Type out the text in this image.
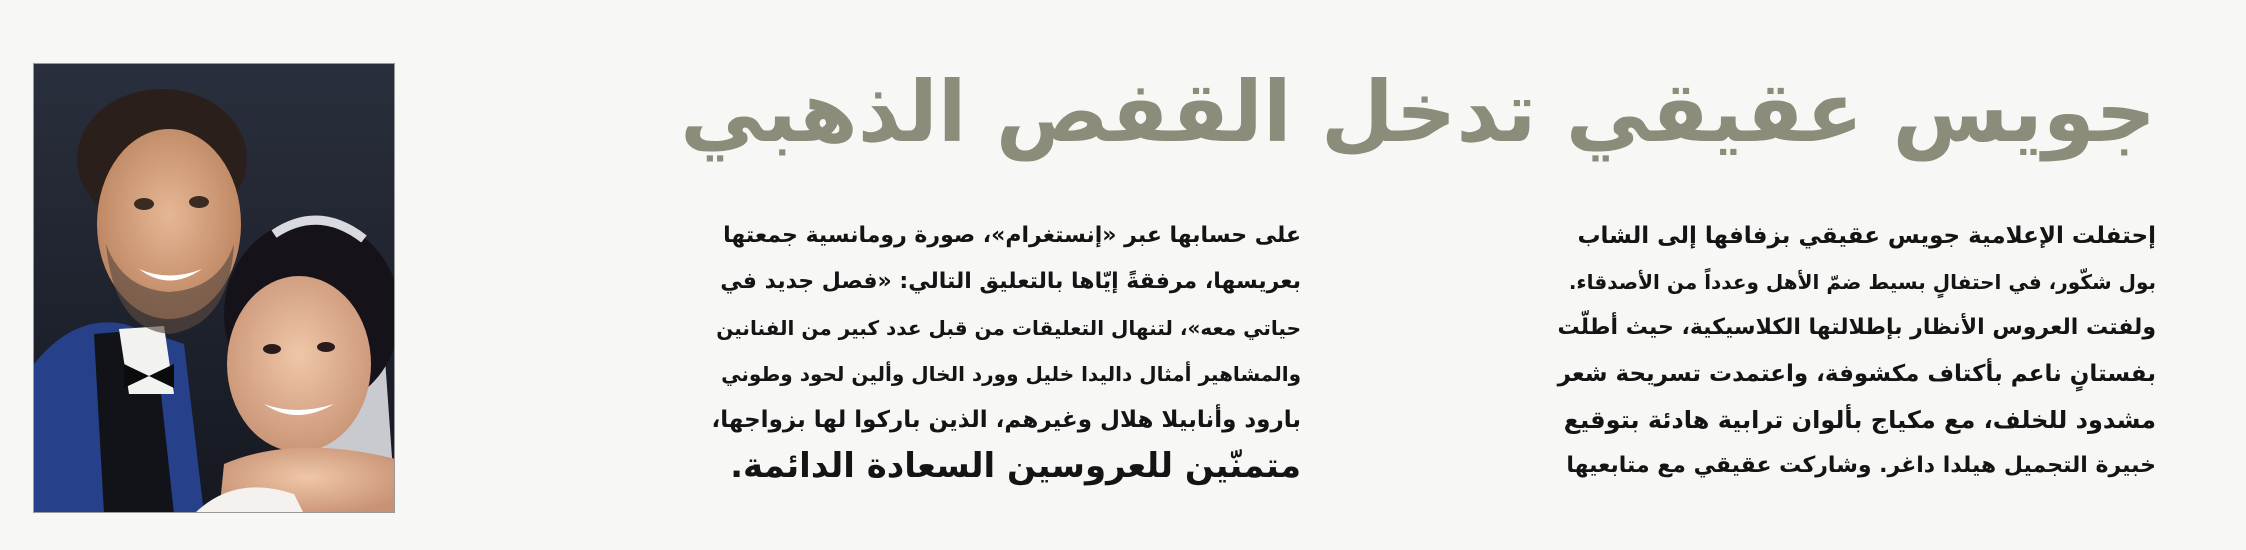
جويس عقيقي تدخل القفص الذهبي
إحتفلت الإعلامية جويس عقيقي بزفافها إلى الشاب
بول شكّور، في احتفالٍ بسيط ضمّ الأهل وعدداً من الأصدقاء.
ولفتت العروس الأنظار بإطلالتها الكلاسيكية، حيث أطلّت
بفستانٍ ناعم بأكتاف مكشوفة، واعتمدت تسريحة شعر
مشدود للخلف، مع مكياج بألوان ترابية هادئة بتوقيع
خبيرة التجميل هيلدا داغر. وشاركت عقيقي مع متابعيها
على حسابها عبر «إنستغرام»، صورة رومانسية جمعتها
بعريسها، مرفقةً إيّاها بالتعليق التالي: «فصل جديد في
حياتي معه»، لتنهال التعليقات من قبل عدد كبير من الفنانين
والمشاهير أمثال داليدا خليل وورد الخال وألين لحود وطوني
بارود وأنابيلا هلال وغيرهم، الذين باركوا لها بزواجها،
متمنّين للعروسين السعادة الدائمة.
